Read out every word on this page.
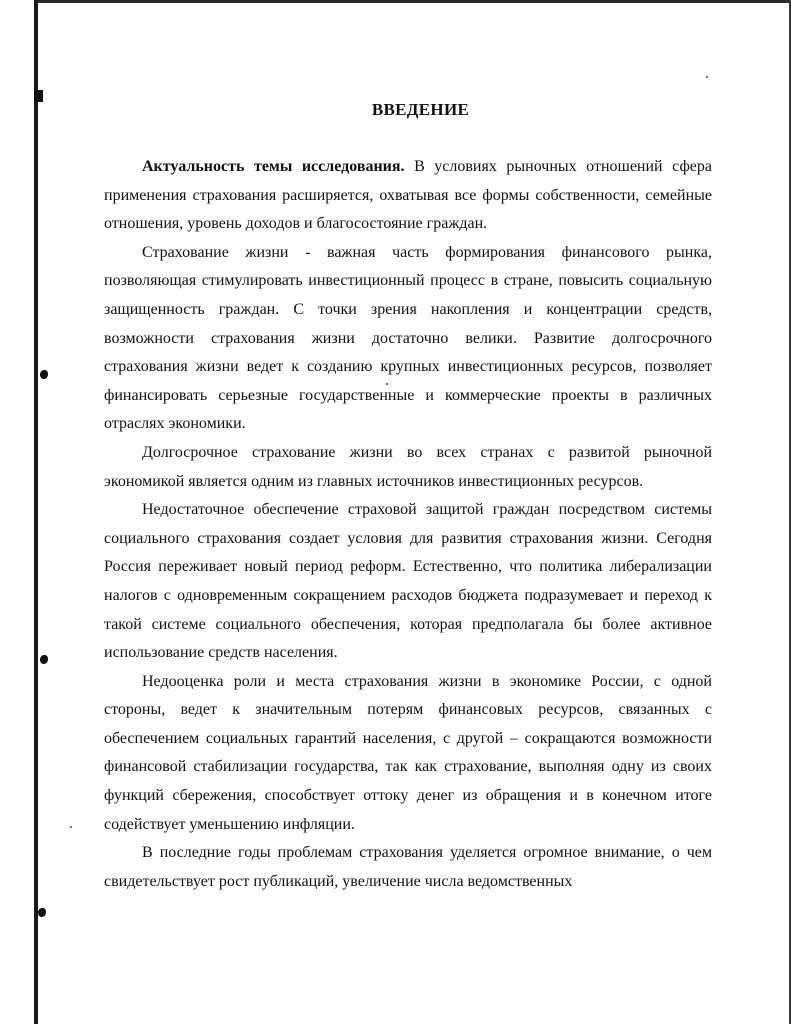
ВВЕДЕНИЕ

Актуальность темы исследования. В условиях рыночных отношений сфера применения страхования расширяется, охватывая все формы собственности, семейные отношения, уровень доходов и благосостояние граждан.

Страхование жизни - важная часть формирования финансового рынка, позволяющая стимулировать инвестиционный процесс в стране, повысить социальную защищенность граждан. С точки зрения накопления и концентрации средств, возможности страхования жизни достаточно велики. Развитие долгосрочного страхования жизни ведет к созданию крупных инвестиционных ресурсов, позволяет финансировать серьезные государственные и коммерческие проекты в различных отраслях экономики.

Долгосрочное страхование жизни во всех странах с развитой рыночной экономикой является одним из главных источников инвестиционных ресурсов.

Недостаточное обеспечение страховой защитой граждан посредством системы социального страхования создает условия для развития страхования жизни. Сегодня Россия переживает новый период реформ. Естественно, что политика либерализации налогов с одновременным сокращением расходов бюджета подразумевает и переход к такой системе социального обеспечения, которая предполагала бы более активное использование средств населения.

Недооценка роли и места страхования жизни в экономике России, с одной стороны, ведет к значительным потерям финансовых ресурсов, связанных с обеспечением социальных гарантий населения, с другой – сокращаются возможности финансовой стабилизации государства, так как страхование, выполняя одну из своих функций сбережения, способствует оттоку денег из обращения и в конечном итоге содействует уменьшению инфляции.

В последние годы проблемам страхования уделяется огромное внимание, о чем свидетельствует рост публикаций, увеличение числа ведомственных
